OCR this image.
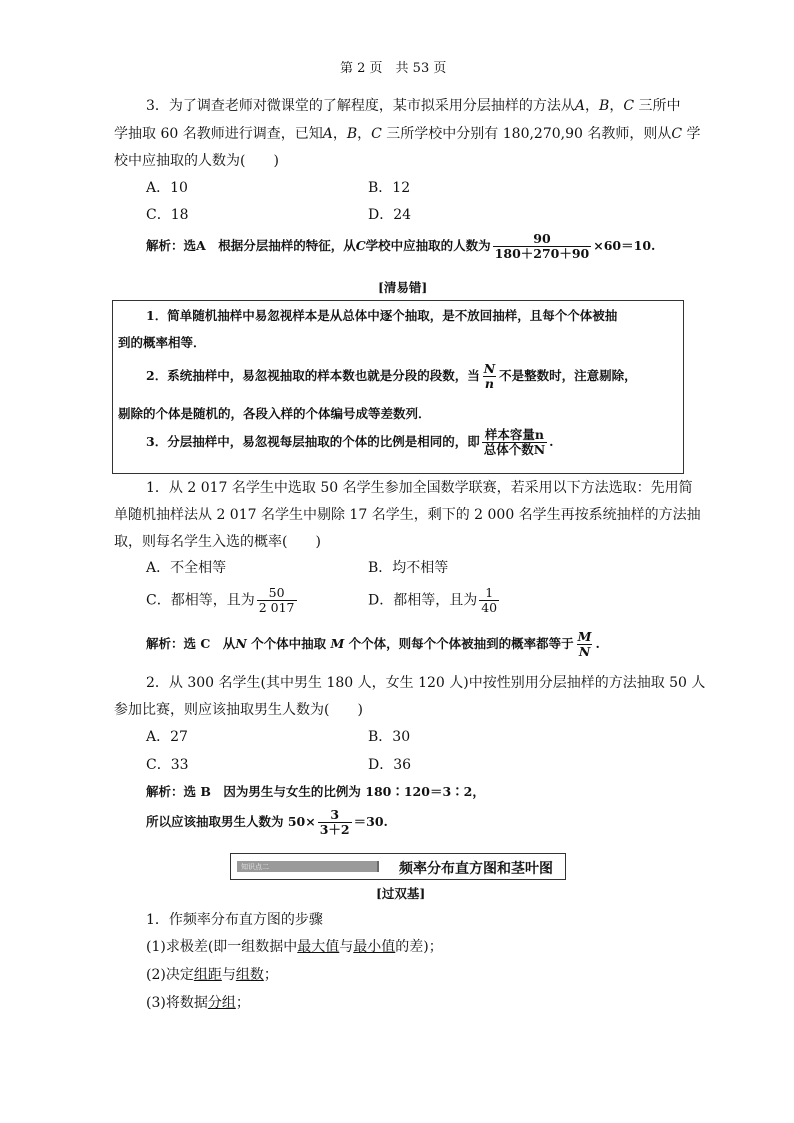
第 2 页　共 53 页
3．为了调查老师对微课堂的了解程度，某市拟采用分层抽样的方法从A，B，C 三所中
学抽取 60 名教师进行调查，已知A，B，C 三所学校中分别有 180,270,90 名教师，则从C 学
校中应抽取的人数为(　　)
A．10	B．12
C．18	D．24
解析：选A　根据分层抽样的特征，从C学校中应抽取的人数为 $\frac{90}{180+270+90} \times 60=10$.
[清易错]
1．简单随机抽样中易忽视样本是从总体中逐个抽取，是不放回抽样，且每个个体被抽
到的概率相等．
2．系统抽样中，易忽视抽取的样本数也就是分段的段数，当 $\frac{N}{n}$ 不是整数时，注意剔除，
剔除的个体是随机的，各段入样的个体编号成等差数列．
3．分层抽样中，易忽视每层抽取的个体的比例是相同的，即 $\frac{\text{样本容量n}}{\text{总体个数N}}$ .
1．从 2 017 名学生中选取 50 名学生参加全国数学联赛，若采用以下方法选取：先用简
单随机抽样法从 2 017 名学生中剔除 17 名学生，剩下的 2 000 名学生再按系统抽样的方法抽
取，则每名学生入选的概率(　　)
A．不全相等	B．均不相等
C．都相等，且为 $\frac{50}{2 017}$	D．都相等，且为 $\frac{1}{40}$
解析：选 C　从N 个个体中抽取 M 个个体，则每个个体被抽到的概率都等于 $\frac{M}{N}$ .
2．从 300 名学生(其中男生 180 人，女生 120 人)中按性别用分层抽样的方法抽取 50 人
参加比赛，则应该抽取男生人数为(　　)
A．27	B．30
C．33	D．36
解析：选 B　因为男生与女生的比例为 180∶120＝3∶2，
所以应该抽取男生人数为 $50\times \frac{3}{3+2} =30$.
知识点二	频率分布直方图和茎叶图
[过双基]
1．作频率分布直方图的步骤
(1)求极差(即一组数据中最大值与最小值的差)；
(2)决定组距与组数；
(3)将数据分组；
